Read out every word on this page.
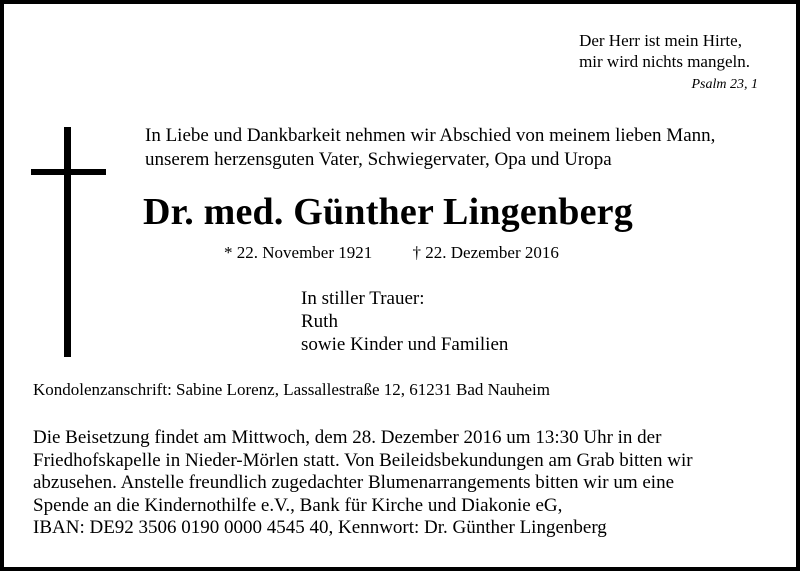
Der Herr ist mein Hirte,
mir wird nichts mangeln.
Psalm 23, 1
In Liebe und Dankbarkeit nehmen wir Abschied von meinem lieben Mann,
unserem herzensguten Vater, Schwiegervater, Opa und Uropa
Dr. med. Günther Lingenberg
* 22. November 1921 † 22. Dezember 2016
In stiller Trauer:
Ruth
sowie Kinder und Familien
Kondolenzanschrift: Sabine Lorenz, Lassallestraße 12, 61231 Bad Nauheim
Die Beisetzung findet am Mittwoch, dem 28. Dezember 2016 um 13:30 Uhr in der
Friedhofskapelle in Nieder-Mörlen statt. Von Beileidsbekundungen am Grab bitten wir
abzusehen. Anstelle freundlich zugedachter Blumenarrangements bitten wir um eine
Spende an die Kindernothilfe e.V., Bank für Kirche und Diakonie eG,
IBAN: DE92 3506 0190 0000 4545 40, Kennwort: Dr. Günther Lingenberg
